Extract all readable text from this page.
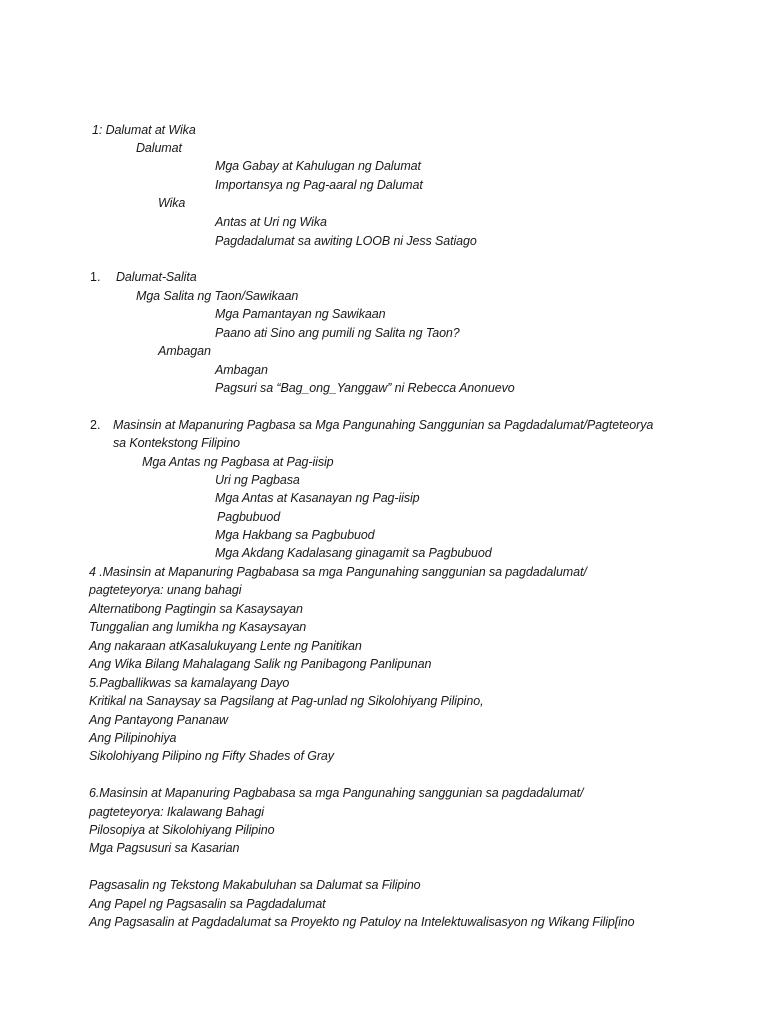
1: Dalumat at Wika
Dalumat
Mga Gabay at Kahulugan ng Dalumat
Importansya ng Pag-aaral ng Dalumat
Wika
Antas at Uri ng Wika
Pagdadalumat sa awiting LOOB ni Jess Satiago
1. Dalumat-Salita
Mga Salita ng Taon/Sawikaan
Mga Pamantayan ng Sawikaan
Paano ati Sino ang pumili ng Salita ng Taon?
Ambagan
Ambagan
Pagsuri sa “Bag_ong_Yanggaw” ni Rebecca Anonuevo
2. Masinsin at Mapanuring Pagbasa sa Mga Pangunahing Sanggunian sa Pagdadalumat/Pagteteorya
sa Kontekstong Filipino
Mga Antas ng Pagbasa at Pag-iisip
Uri ng Pagbasa
Mga Antas at Kasanayan ng Pag-iisip
Pagbubuod
Mga Hakbang sa Pagbubuod
Mga Akdang Kadalasang ginagamit sa Pagbubuod
4 .Masinsin at Mapanuring Pagbabasa sa mga Pangunahing sanggunian sa pagdadalumat/
pagteteyorya: unang bahagi
Alternatibong Pagtingin sa Kasaysayan
Tunggalian ang lumikha ng Kasaysayan
Ang nakaraan atKasalukuyang Lente ng Panitikan
Ang Wika Bilang Mahalagang Salik ng Panibagong Panlipunan
5.Pagballikwas sa kamalayang Dayo
Kritikal na Sanaysay sa Pagsilang at Pag-unlad ng Sikolohiyang Pilipino,
Ang Pantayong Pananaw
Ang Pilipinohiya
Sikolohiyang Pilipino ng Fifty Shades of Gray
6.Masinsin at Mapanuring Pagbabasa sa mga Pangunahing sanggunian sa pagdadalumat/
pagteteyorya: Ikalawang Bahagi
Pilosopiya at Sikolohiyang Pilipino
Mga Pagsusuri sa Kasarian
Pagsasalin ng Tekstong Makabuluhan sa Dalumat sa Filipino
Ang Papel ng Pagsasalin sa Pagdadalumat
Ang Pagsasalin at Pagdadalumat sa Proyekto ng Patuloy na Intelektuwalisasyon ng Wikang Filip[ino
